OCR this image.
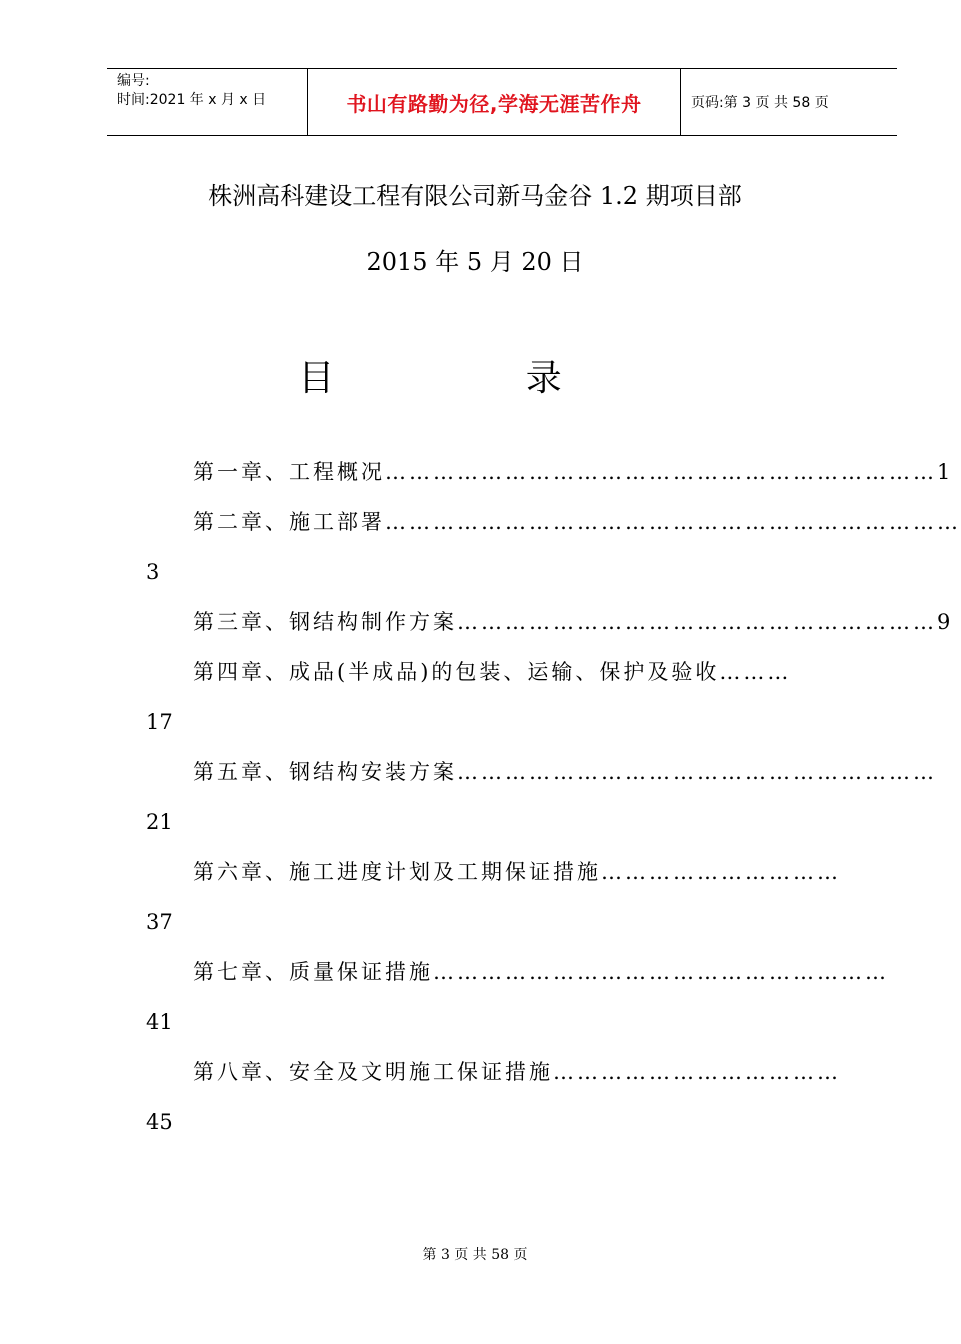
编号:
时间:2021 年 x 月 x 日	书山有路勤为径,学海无涯苦作舟	页码:第 3 页 共 58 页
株洲高科建设工程有限公司新马金谷 1.2 期项目部
2015 年 5 月 20 日
目 录
第一章、工程概况……………………………………………………………1
第二章、施工部署………………………………………………………………
3
第三章、钢结构制作方案……………………………………………………9
第四章、成品(半成品)的包装、运输、保护及验收………
17
第五章、钢结构安装方案……………………………………………………
21
第六章、施工进度计划及工期保证措施…………………………
37
第七章、质量保证措施…………………………………………………
41
第八章、安全及文明施工保证措施………………………………
45
第 3 页 共 58 页
